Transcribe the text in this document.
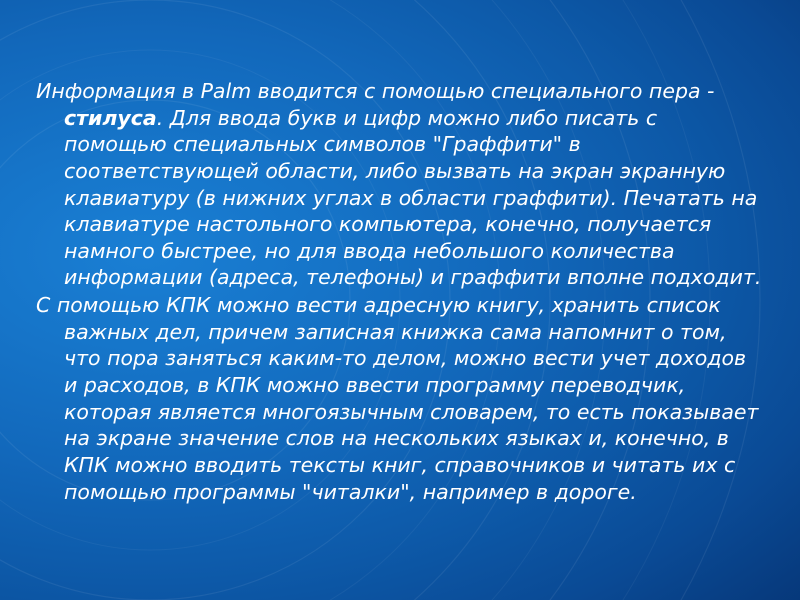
Информация в Palm вводится с помощью специального пера - стилуса. Для ввода букв и цифр можно либо писать с помощью специальных символов "Граффити" в соответствующей области, либо вызвать на экран экранную клавиатуру (в нижних углах в области граффити). Печатать на клавиатуре настольного компьютера, конечно, получается намного быстрее, но для ввода небольшого количества информации (адреса, телефоны) и граффити вполне подходит.
С помощью КПК можно вести адресную книгу, хранить список важных дел, причем записная книжка сама напомнит о том, что пора заняться каким-то делом, можно вести учет доходов и расходов, в КПК можно ввести программу переводчик, которая является многоязычным словарем, то есть показывает на экране значение слов на нескольких языках и, конечно, в КПК можно вводить тексты книг, справочников и читать их с помощью программы "читалки", например в дороге.
